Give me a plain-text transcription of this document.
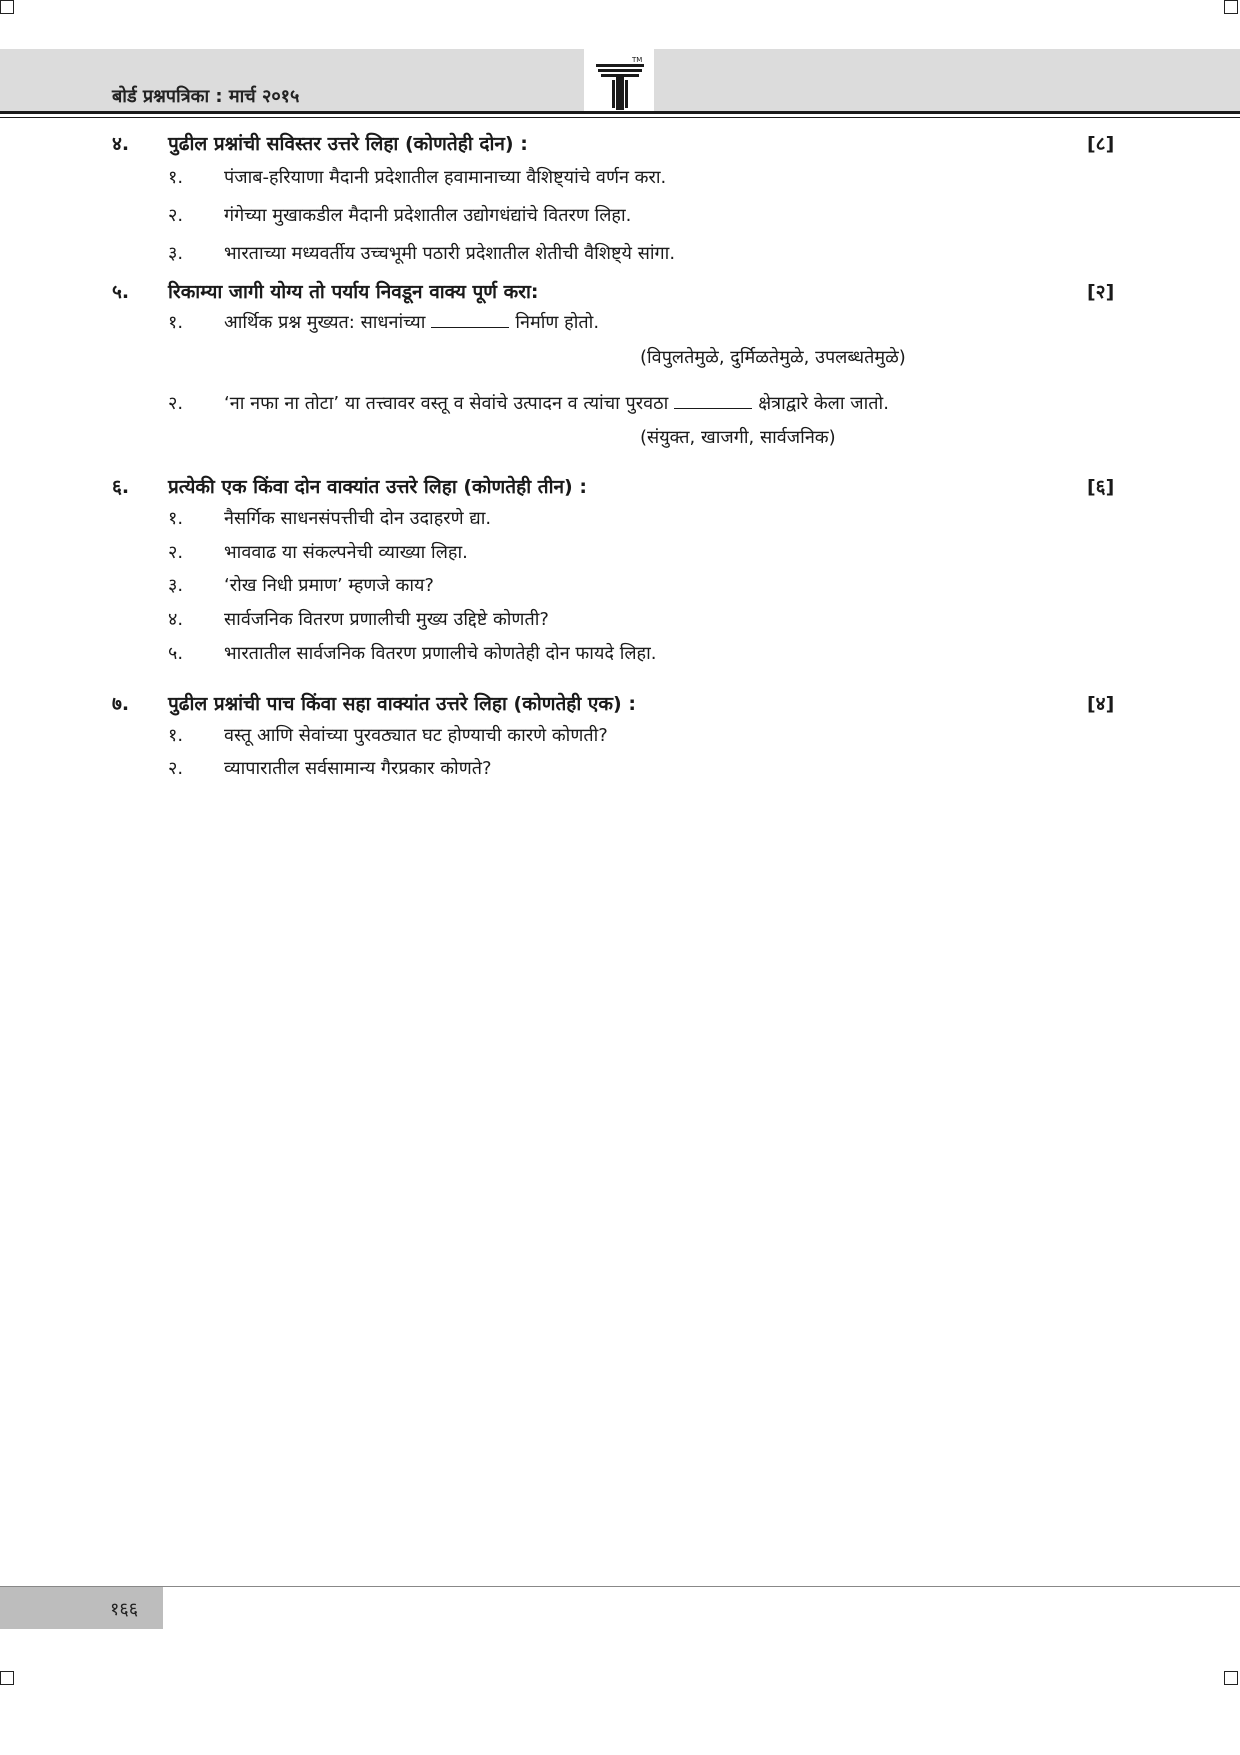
बोर्ड प्रश्नपत्रिका : मार्च २०१५
TM
४. पुढील प्रश्नांची सविस्तर उत्तरे लिहा (कोणतेही दोन) :	[८]
१. पंजाब-हरियाणा मैदानी प्रदेशातील हवामानाच्या वैशिष्ट्यांचे वर्णन करा.
२. गंगेच्या मुखाकडील मैदानी प्रदेशातील उद्योगधंद्यांचे वितरण लिहा.
३. भारताच्या मध्यवर्तीय उच्चभूमी पठारी प्रदेशातील शेतीची वैशिष्ट्ये सांगा.
५. रिकाम्या जागी योग्य तो पर्याय निवडून वाक्य पूर्ण करा:	[२]
१. आर्थिक प्रश्न मुख्यत: साधनांच्या	निर्माण होतो.
(विपुलतेमुळे, दुर्मिळतेमुळे, उपलब्धतेमुळे)
२. ‘ना नफा ना तोटा’ या तत्त्वावर वस्तू व सेवांचे उत्पादन व त्यांचा पुरवठा	क्षेत्राद्वारे केला जातो.
(संयुक्त, खाजगी, सार्वजनिक)
६. प्रत्येकी एक किंवा दोन वाक्यांत उत्तरे लिहा (कोणतेही तीन) :	[६]
१. नैसर्गिक साधनसंपत्तीची दोन उदाहरणे द्या.
२. भाववाढ या संकल्पनेची व्याख्या लिहा.
३. ‘रोख निधी प्रमाण’ म्हणजे काय?
४. सार्वजनिक वितरण प्रणालीची मुख्य उद्दिष्टे कोणती?
५. भारतातील सार्वजनिक वितरण प्रणालीचे कोणतेही दोन फायदे लिहा.
७. पुढील प्रश्नांची पाच किंवा सहा वाक्यांत उत्तरे लिहा (कोणतेही एक) :	[४]
१. वस्तू आणि सेवांच्या पुरवठ्यात घट होण्याची कारणे कोणती?
२. व्यापारातील सर्वसामान्य गैरप्रकार कोणते?
१६६
